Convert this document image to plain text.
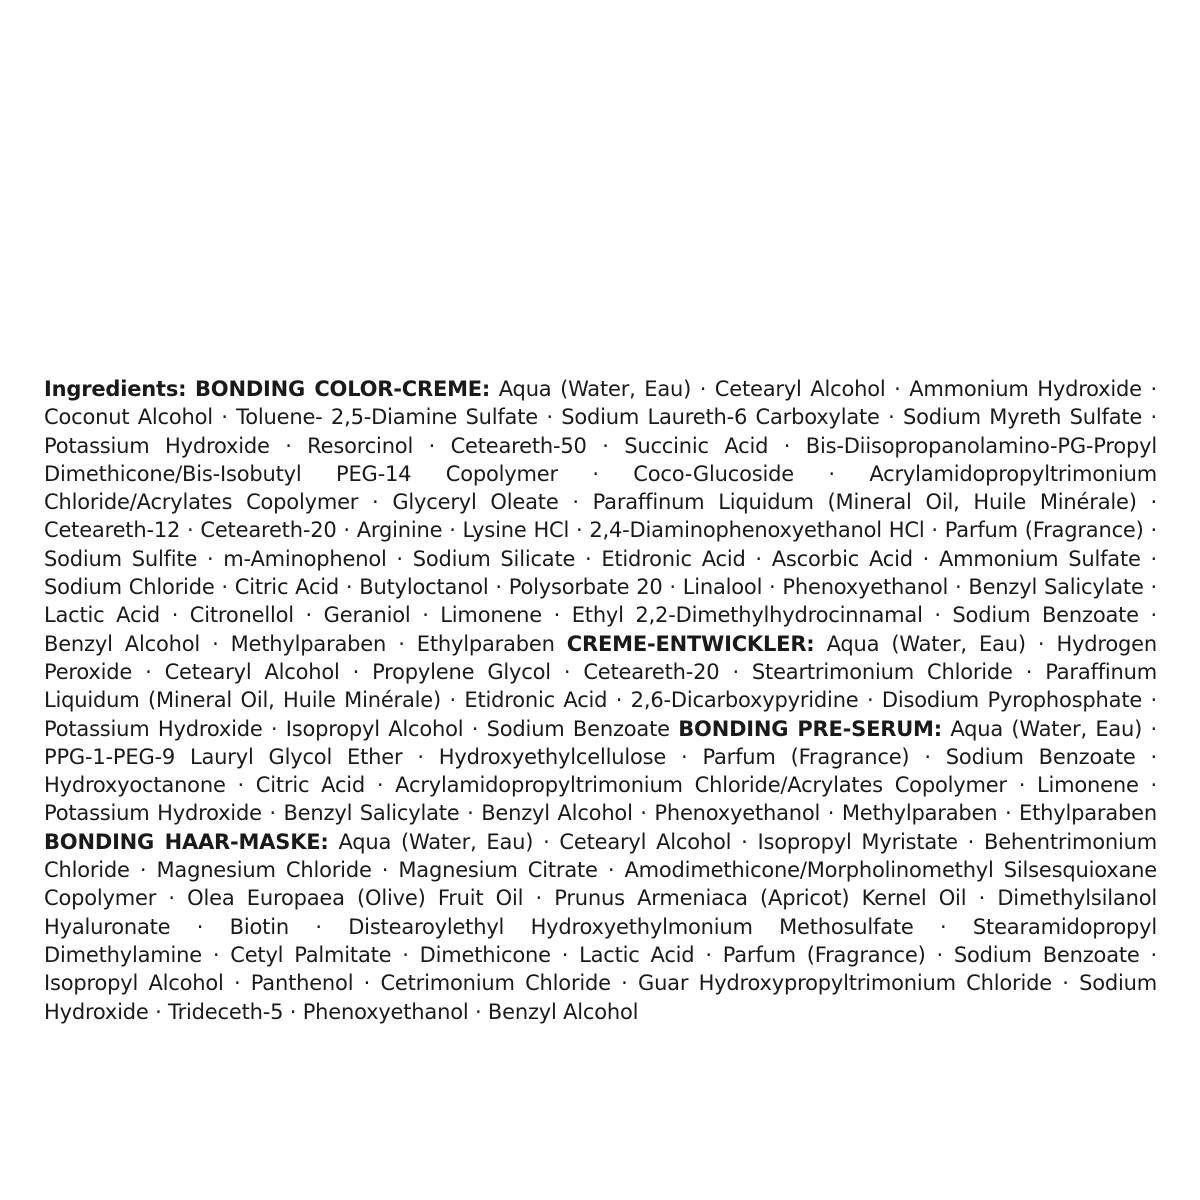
Ingredients: BONDING COLOR-CREME: Aqua (Water, Eau) · Cetearyl Alcohol · Ammonium Hydroxide · Coconut Alcohol · Toluene- 2,5-Diamine Sulfate · Sodium Laureth-6 Carboxylate · Sodium Myreth Sulfate · Potassium Hydroxide · Resorcinol · Ceteareth-50 · Succinic Acid · Bis-Diisopropanolamino-PG-Propyl Dimethicone/Bis-Isobutyl PEG-14 Copolymer · Coco-Glucoside · Acrylamidopropyltrimonium Chloride/Acrylates Copolymer · Glyceryl Oleate · Paraffinum Liquidum (Mineral Oil, Huile Minérale) · Ceteareth-12 · Ceteareth-20 · Arginine · Lysine HCl · 2,4-Diaminophenoxyethanol HCl · Parfum (Fragrance) · Sodium Sulfite · m-Aminophenol · Sodium Silicate · Etidronic Acid · Ascorbic Acid · Ammonium Sulfate · Sodium Chloride · Citric Acid · Butyloctanol · Polysorbate 20 · Linalool · Phenoxyethanol · Benzyl Salicylate · Lactic Acid · Citronellol · Geraniol · Limonene · Ethyl 2,2-Dimethylhydrocinnamal · Sodium Benzoate · Benzyl Alcohol · Methylparaben · Ethylparaben CREME-ENTWICKLER: Aqua (Water, Eau) · Hydrogen Peroxide · Cetearyl Alcohol · Propylene Glycol · Ceteareth-20 · Steartrimonium Chloride · Paraffinum Liquidum (Mineral Oil, Huile Minérale) · Etidronic Acid · 2,6-Dicarboxypyridine · Disodium Pyrophosphate · Potassium Hydroxide · Isopropyl Alcohol · Sodium Benzoate BONDING PRE-SERUM: Aqua (Water, Eau) · PPG-1-PEG-9 Lauryl Glycol Ether · Hydroxyethylcellulose · Parfum (Fragrance) · Sodium Benzoate · Hydroxyoctanone · Citric Acid · Acrylamidopropyltrimonium Chloride/Acrylates Copolymer · Limonene · Potassium Hydroxide · Benzyl Salicylate · Benzyl Alcohol · Phenoxyethanol · Methylparaben · Ethylparaben BONDING HAAR-MASKE: Aqua (Water, Eau) · Cetearyl Alcohol · Isopropyl Myristate · Behentrimonium Chloride · Magnesium Chloride · Magnesium Citrate · Amodimethicone/Morpholinomethyl Silsesquioxane Copolymer · Olea Europaea (Olive) Fruit Oil · Prunus Armeniaca (Apricot) Kernel Oil · Dimethylsilanol Hyaluronate · Biotin · Distearoylethyl Hydroxyethylmonium Methosulfate · Stearamidopropyl Dimethylamine · Cetyl Palmitate · Dimethicone · Lactic Acid · Parfum (Fragrance) · Sodium Benzoate · Isopropyl Alcohol · Panthenol · Cetrimonium Chloride · Guar Hydroxypropyltrimonium Chloride · Sodium Hydroxide · Trideceth-5 · Phenoxyethanol · Benzyl Alcohol
